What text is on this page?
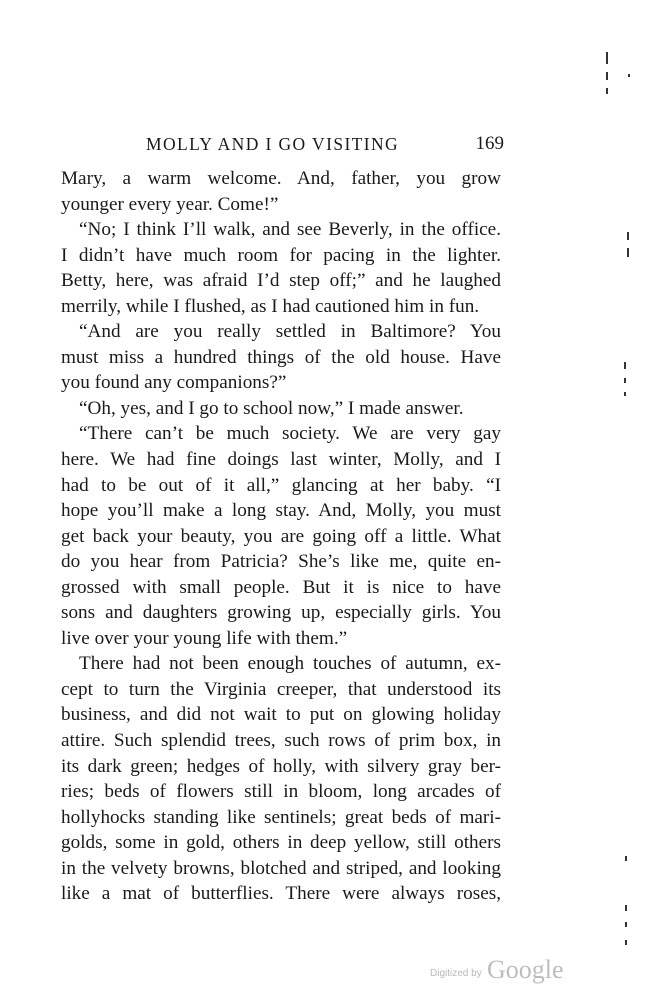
MOLLY AND I GO VISITING	169
Mary, a warm welcome. And, father, you grow
younger every year. Come!”
“No; I think I’ll walk, and see Beverly, in the office.
I didn’t have much room for pacing in the lighter.
Betty, here, was afraid I’d step off;” and he laughed
merrily, while I flushed, as I had cautioned him in fun.
“And are you really settled in Baltimore? You
must miss a hundred things of the old house. Have
you found any companions?”
“Oh, yes, and I go to school now,” I made answer.
“There can’t be much society. We are very gay
here. We had fine doings last winter, Molly, and I
had to be out of it all,” glancing at her baby. “I
hope you’ll make a long stay. And, Molly, you must
get back your beauty, you are going off a little. What
do you hear from Patricia? She’s like me, quite en-
grossed with small people. But it is nice to have
sons and daughters growing up, especially girls. You
live over your young life with them.”
There had not been enough touches of autumn, ex-
cept to turn the Virginia creeper, that understood its
business, and did not wait to put on glowing holiday
attire. Such splendid trees, such rows of prim box, in
its dark green; hedges of holly, with silvery gray ber-
ries; beds of flowers still in bloom, long arcades of
hollyhocks standing like sentinels; great beds of mari-
golds, some in gold, others in deep yellow, still others
in the velvety browns, blotched and striped, and looking
like a mat of butterflies. There were always roses,
Digitized by Google
